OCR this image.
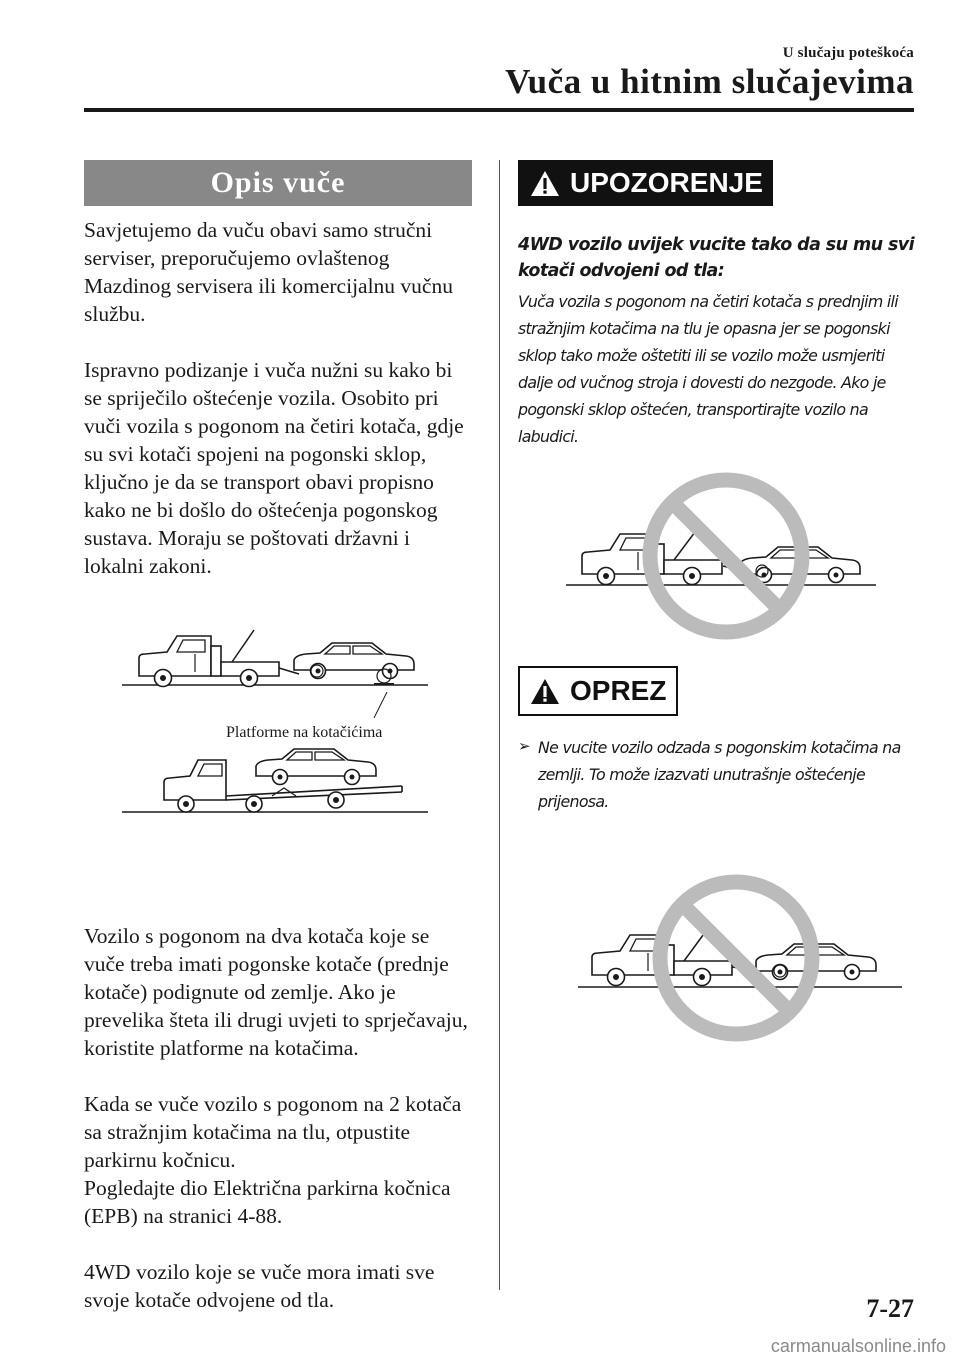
U slučaju poteškoća
Vuča u hitnim slučajevima
Opis vuče

Savjetujemo da vuču obavi samo stručni serviser, preporučujemo ovlaštenog Mazdinog servisera ili komercijalnu vučnu službu.

Ispravno podizanje i vuča nužni su kako bi se spriječilo oštećenje vozila. Osobito pri vuči vozila s pogonom na četiri kotača, gdje su svi kotači spojeni na pogonski sklop, ključno je da se transport obavi propisno kako ne bi došlo do oštećenja pogonskog sustava. Moraju se poštovati državni i lokalni zakoni.

Platforme na kotačićima

Vozilo s pogonom na dva kotača koje se vuče treba imati pogonske kotače (prednje kotače) podignute od zemlje. Ako je prevelika šteta ili drugi uvjeti to sprječavaju, koristite platforme na kotačima.

Kada se vuče vozilo s pogonom na 2 kotača sa stražnjim kotačima na tlu, otpustite parkirnu kočnicu.

Pogledajte dio Električna parkirna kočnica (EPB) na stranici 4-88.

4WD vozilo koje se vuče mora imati sve svoje kotače odvojene od tla.

UPOZORENJE
4WD vozilo uvijek vucite tako da su mu svi kotači odvojeni od tla:
Vuča vozila s pogonom na četiri kotača s prednjim ili stražnjim kotačima na tlu je opasna jer se pogonski sklop tako može oštetiti ili se vozilo može usmjeriti dalje od vučnog stroja i dovesti do nezgode. Ako je pogonski sklop oštećen, transportirajte vozilo na labudici.
OPREZ
➢ Ne vucite vozilo odzada s pogonskim kotačima na zemlji. To može izazvati unutrašnje oštećenje prijenosa.
7-27
carmanualsonline.info
